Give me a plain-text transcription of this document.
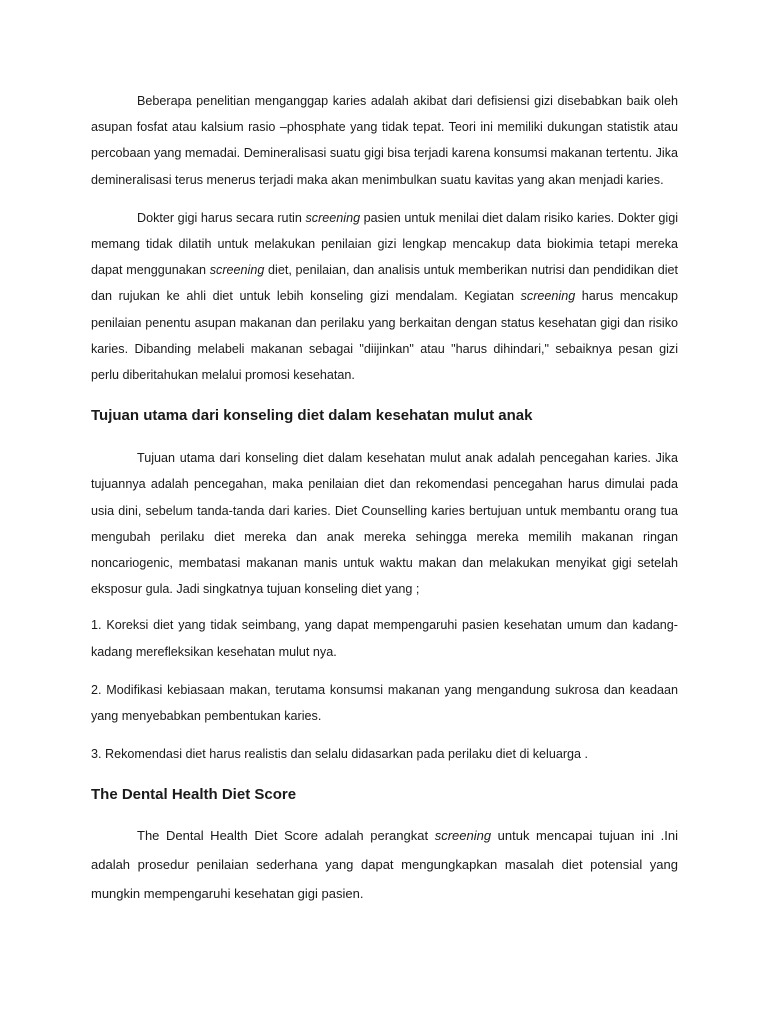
Beberapa penelitian menganggap karies adalah akibat dari defisiensi gizi disebabkan baik oleh asupan fosfat atau kalsium rasio –phosphate yang tidak tepat. Teori ini memiliki dukungan statistik atau percobaan yang memadai. Demineralisasi suatu gigi bisa terjadi karena konsumsi makanan tertentu. Jika demineralisasi terus menerus terjadi maka akan menimbulkan suatu kavitas yang akan menjadi karies.

Dokter gigi harus secara rutin screening pasien untuk menilai diet dalam risiko karies. Dokter gigi memang tidak dilatih untuk melakukan penilaian gizi lengkap mencakup data biokimia tetapi mereka dapat menggunakan screening diet, penilaian, dan analisis untuk memberikan nutrisi dan pendidikan diet dan rujukan ke ahli diet untuk lebih konseling gizi mendalam. Kegiatan screening harus mencakup penilaian penentu asupan makanan dan perilaku yang berkaitan dengan status kesehatan gigi dan risiko karies. Dibanding melabeli makanan sebagai "diijinkan" atau "harus dihindari," sebaiknya pesan gizi perlu diberitahukan melalui promosi kesehatan.

Tujuan utama dari konseling diet dalam kesehatan mulut anak

Tujuan utama dari konseling diet dalam kesehatan mulut anak adalah pencegahan karies. Jika tujuannya adalah pencegahan, maka penilaian diet dan rekomendasi pencegahan harus dimulai pada usia dini, sebelum tanda-tanda dari karies. Diet Counselling karies bertujuan untuk membantu orang tua mengubah perilaku diet mereka dan anak mereka sehingga mereka memilih makanan ringan noncariogenic, membatasi makanan manis untuk waktu makan dan melakukan menyikat gigi setelah eksposur gula. Jadi singkatnya tujuan konseling diet yang ;

1. Koreksi diet yang tidak seimbang, yang dapat mempengaruhi pasien kesehatan umum dan kadang-kadang merefleksikan kesehatan mulut nya.

2. Modifikasi kebiasaan makan, terutama konsumsi makanan yang mengandung sukrosa dan keadaan yang menyebabkan pembentukan karies.

3. Rekomendasi diet harus realistis dan selalu didasarkan pada perilaku diet di keluarga .

The Dental Health Diet Score

The Dental Health Diet Score adalah perangkat screening untuk mencapai tujuan ini .Ini adalah prosedur penilaian sederhana yang dapat mengungkapkan masalah diet potensial yang mungkin mempengaruhi kesehatan gigi pasien.
